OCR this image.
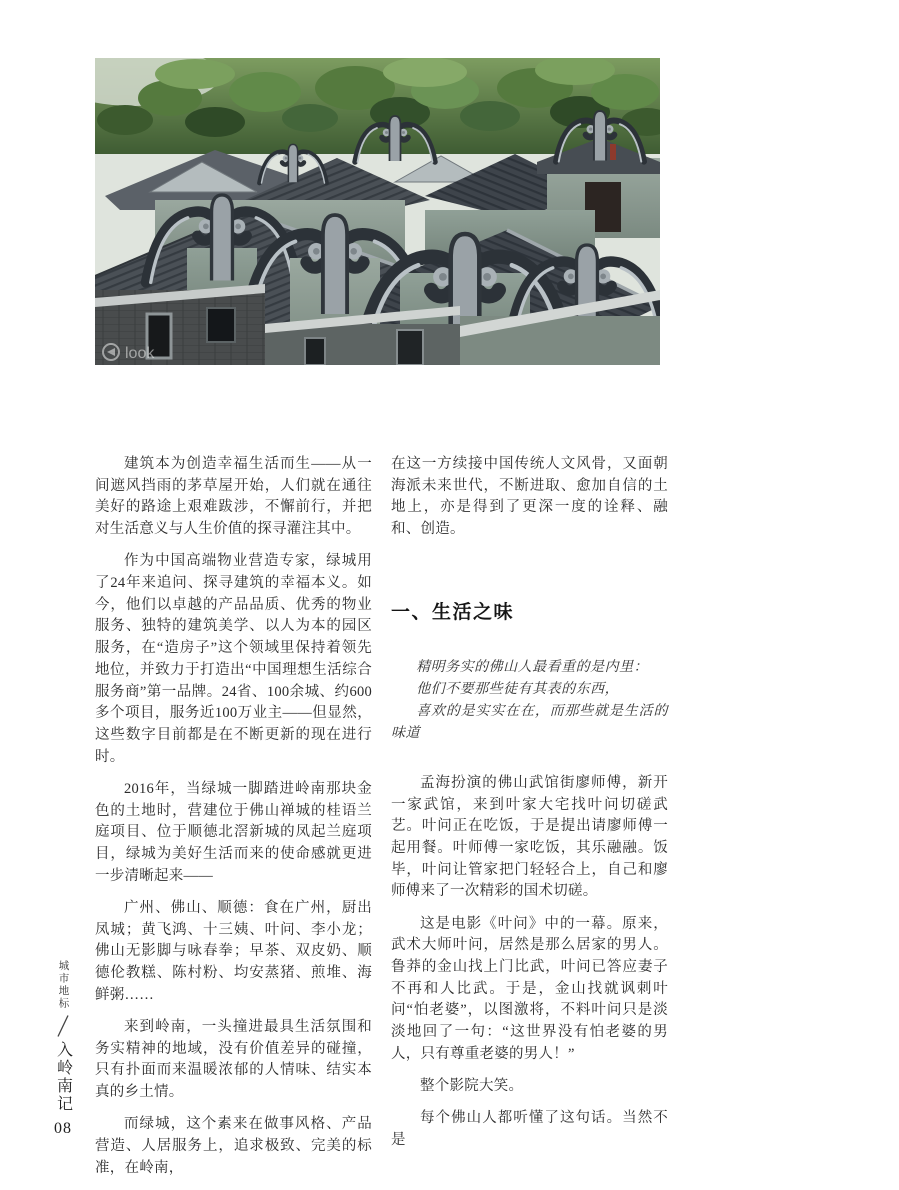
look

建筑本为创造幸福生活而生——从一间遮风挡雨的茅草屋开始，人们就在通往美好的路途上艰难跋涉，不懈前行，并把对生活意义与人生价值的探寻灌注其中。

作为中国高端物业营造专家，绿城用了24年来追问、探寻建筑的幸福本义。如今，他们以卓越的产品品质、优秀的物业服务、独特的建筑美学、以人为本的园区服务，在“造房子”这个领域里保持着领先地位，并致力于打造出“中国理想生活综合服务商”第一品牌。24省、100余城、约600多个项目，服务近100万业主——但显然，这些数字目前都是在不断更新的现在进行时。

2016年，当绿城一脚踏进岭南那块金色的土地时，营建位于佛山禅城的桂语兰庭项目、位于顺德北滘新城的凤起兰庭项目，绿城为美好生活而来的使命感就更进一步清晰起来——

广州、佛山、顺德：食在广州，厨出凤城；黄飞鸿、十三姨、叶问、李小龙；佛山无影脚与咏春拳；早茶、双皮奶、顺德伦教糕、陈村粉、均安蒸猪、煎堆、海鲜粥……

来到岭南，一头撞进最具生活氛围和务实精神的地域，没有价值差异的碰撞，只有扑面而来温暖浓郁的人情味、结实本真的乡土情。

而绿城，这个素来在做事风格、产品营造、人居服务上，追求极致、完美的标准，在岭南，

在这一方续接中国传统人文风骨，又面朝海派未来世代，不断进取、愈加自信的土地上，亦是得到了更深一度的诠释、融和、创造。

一、生活之味
精明务实的佛山人最看重的是内里：
他们不要那些徒有其表的东西，
喜欢的是实实在在，而那些就是生活的味道

孟海扮演的佛山武馆街廖师傅，新开一家武馆，来到叶家大宅找叶问切磋武艺。叶问正在吃饭，于是提出请廖师傅一起用餐。叶师傅一家吃饭，其乐融融。饭毕，叶问让管家把门轻轻合上，自己和廖师傅来了一次精彩的国术切磋。

这是电影《叶问》中的一幕。原来，武术大师叶问，居然是那么居家的男人。鲁莽的金山找上门比武，叶问已答应妻子不再和人比武。于是，金山找就讽刺叶问“怕老婆”，以图激将，不料叶问只是淡淡地回了一句：“这世界没有怕老婆的男人，只有尊重老婆的男人！”

整个影院大笑。

每个佛山人都听懂了这句话。当然不是

城市地标
入岭南记
08
